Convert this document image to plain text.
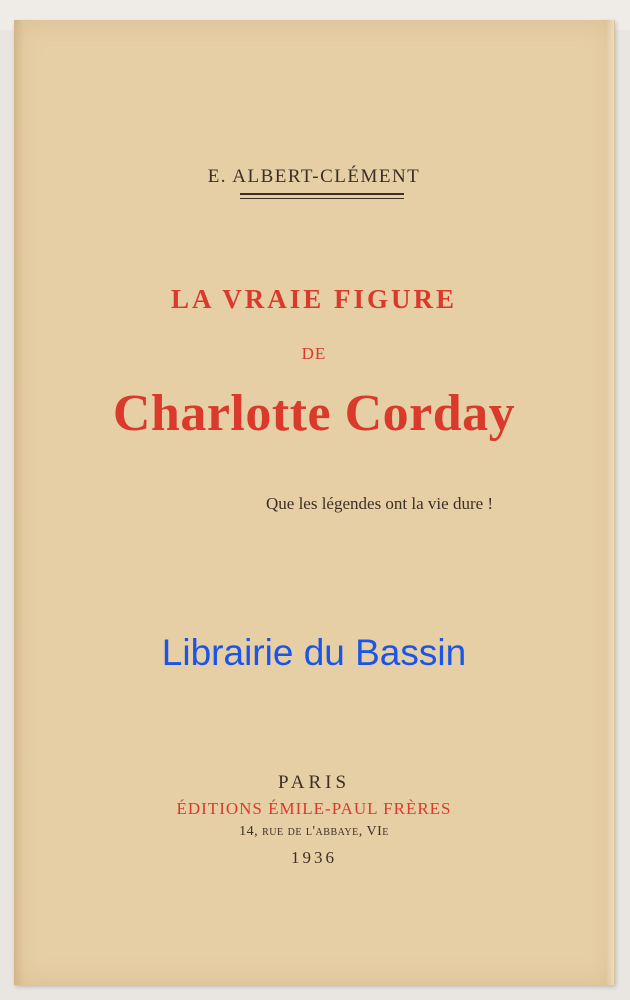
E. ALBERT-CLÉMENT
LA VRAIE FIGURE
DE
Charlotte Corday
Que les légendes ont la vie dure !
Librairie du Bassin
PARIS
ÉDITIONS ÉMILE-PAUL FRÈRES
14, rue de l'abbaye, VIe
1936
